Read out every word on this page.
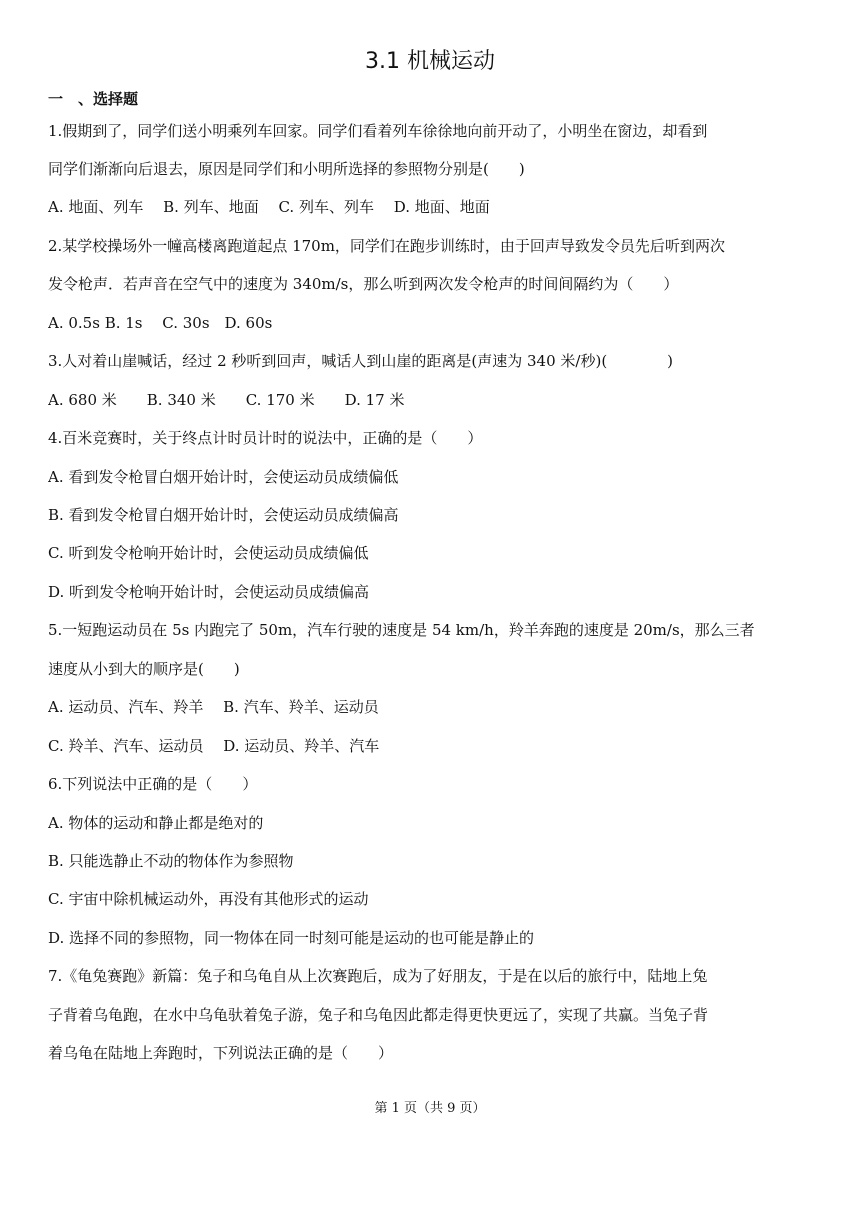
3.1 机械运动
一　、选择题
1.假期到了，同学们送小明乘列车回家。同学们看着列车徐徐地向前开动了，小明坐在窗边，却看到
同学们渐渐向后退去，原因是同学们和小明所选择的参照物分别是(　　)
A. 地面、列车　 B. 列车、地面　 C. 列车、列车　 D. 地面、地面
2.某学校操场外一幢高楼离跑道起点 170m，同学们在跑步训练时，由于回声导致发令员先后听到两次
发令枪声．若声音在空气中的速度为 340m/s，那么听到两次发令枪声的时间间隔约为（　　）
A. 0.5s B. 1s　 C. 30s　D. 60s
3.人对着山崖喊话，经过 2 秒听到回声，喊话人到山崖的距离是(声速为 340 米/秒)(　　　　)
A. 680 米　　B. 340 米　　C. 170 米　　D. 17 米
4.百米竞赛时，关于终点计时员计时的说法中，正确的是（　　）
A. 看到发令枪冒白烟开始计时，会使运动员成绩偏低
B. 看到发令枪冒白烟开始计时，会使运动员成绩偏高
C. 听到发令枪响开始计时，会使运动员成绩偏低
D. 听到发令枪响开始计时，会使运动员成绩偏高
5.一短跑运动员在 5s 内跑完了 50m，汽车行驶的速度是 54 km/h，羚羊奔跑的速度是 20m/s，那么三者
速度从小到大的顺序是(　　)
A. 运动员、汽车、羚羊　 B. 汽车、羚羊、运动员
C. 羚羊、汽车、运动员　 D. 运动员、羚羊、汽车
6.下列说法中正确的是（　　）
A. 物体的运动和静止都是绝对的
B. 只能选静止不动的物体作为参照物
C. 宇宙中除机械运动外，再没有其他形式的运动
D. 选择不同的参照物，同一物体在同一时刻可能是运动的也可能是静止的
7.《龟兔赛跑》新篇：兔子和乌龟自从上次赛跑后，成为了好朋友，于是在以后的旅行中，陆地上兔
子背着乌龟跑，在水中乌龟驮着兔子游，兔子和乌龟因此都走得更快更远了，实现了共赢。当兔子背
着乌龟在陆地上奔跑时，下列说法正确的是（　　）
第 1 页（共 9 页）
